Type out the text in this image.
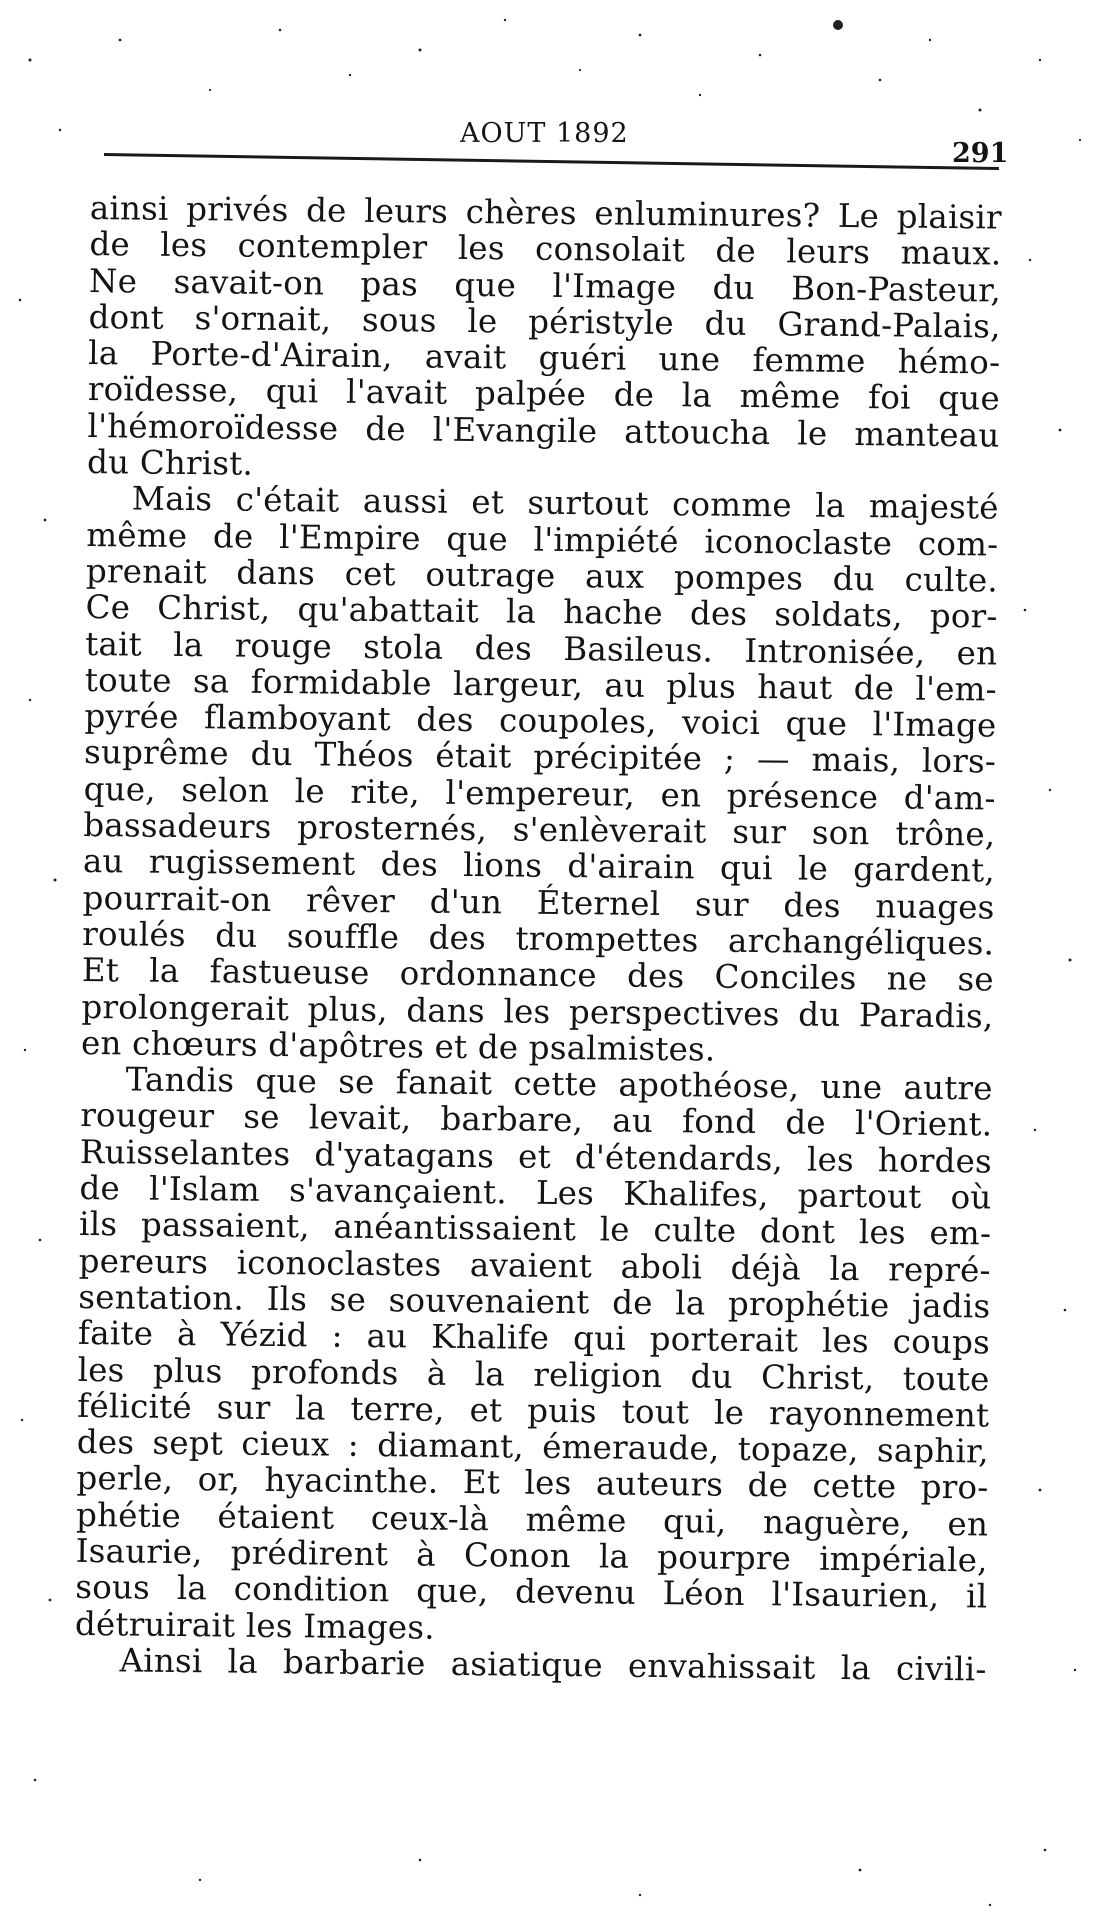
AOUT 1892
291
ainsi privés de leurs chères enluminures? Le plaisir
de les contempler les consolait de leurs maux.
Ne savait-on pas que l'Image du Bon-Pasteur,
dont s'ornait, sous le péristyle du Grand-Palais,
la Porte-d'Airain, avait guéri une femme hémo-
roïdesse, qui l'avait palpée de la même foi que
l'hémoroïdesse de l'Evangile attoucha le manteau
du Christ.
Mais c'était aussi et surtout comme la majesté
même de l'Empire que l'impiété iconoclaste com-
prenait dans cet outrage aux pompes du culte.
Ce Christ, qu'abattait la hache des soldats, por-
tait la rouge stola des Basileus. Intronisée, en
toute sa formidable largeur, au plus haut de l'em-
pyrée flamboyant des coupoles, voici que l'Image
suprême du Théos était précipitée ; — mais, lors-
que, selon le rite, l'empereur, en présence d'am-
bassadeurs prosternés, s'enlèverait sur son trône,
au rugissement des lions d'airain qui le gardent,
pourrait-on rêver d'un Éternel sur des nuages
roulés du souffle des trompettes archangéliques.
Et la fastueuse ordonnance des Conciles ne se
prolongerait plus, dans les perspectives du Paradis,
en chœurs d'apôtres et de psalmistes.
Tandis que se fanait cette apothéose, une autre
rougeur se levait, barbare, au fond de l'Orient.
Ruisselantes d'yatagans et d'étendards, les hordes
de l'Islam s'avançaient. Les Khalifes, partout où
ils passaient, anéantissaient le culte dont les em-
pereurs iconoclastes avaient aboli déjà la repré-
sentation. Ils se souvenaient de la prophétie jadis
faite à Yézid : au Khalife qui porterait les coups
les plus profonds à la religion du Christ, toute
félicité sur la terre, et puis tout le rayonnement
des sept cieux : diamant, émeraude, topaze, saphir,
perle, or, hyacinthe. Et les auteurs de cette pro-
phétie étaient ceux-là même qui, naguère, en
Isaurie, prédirent à Conon la pourpre impériale,
sous la condition que, devenu Léon l'Isaurien, il
détruirait les Images.
Ainsi la barbarie asiatique envahissait la civili-
